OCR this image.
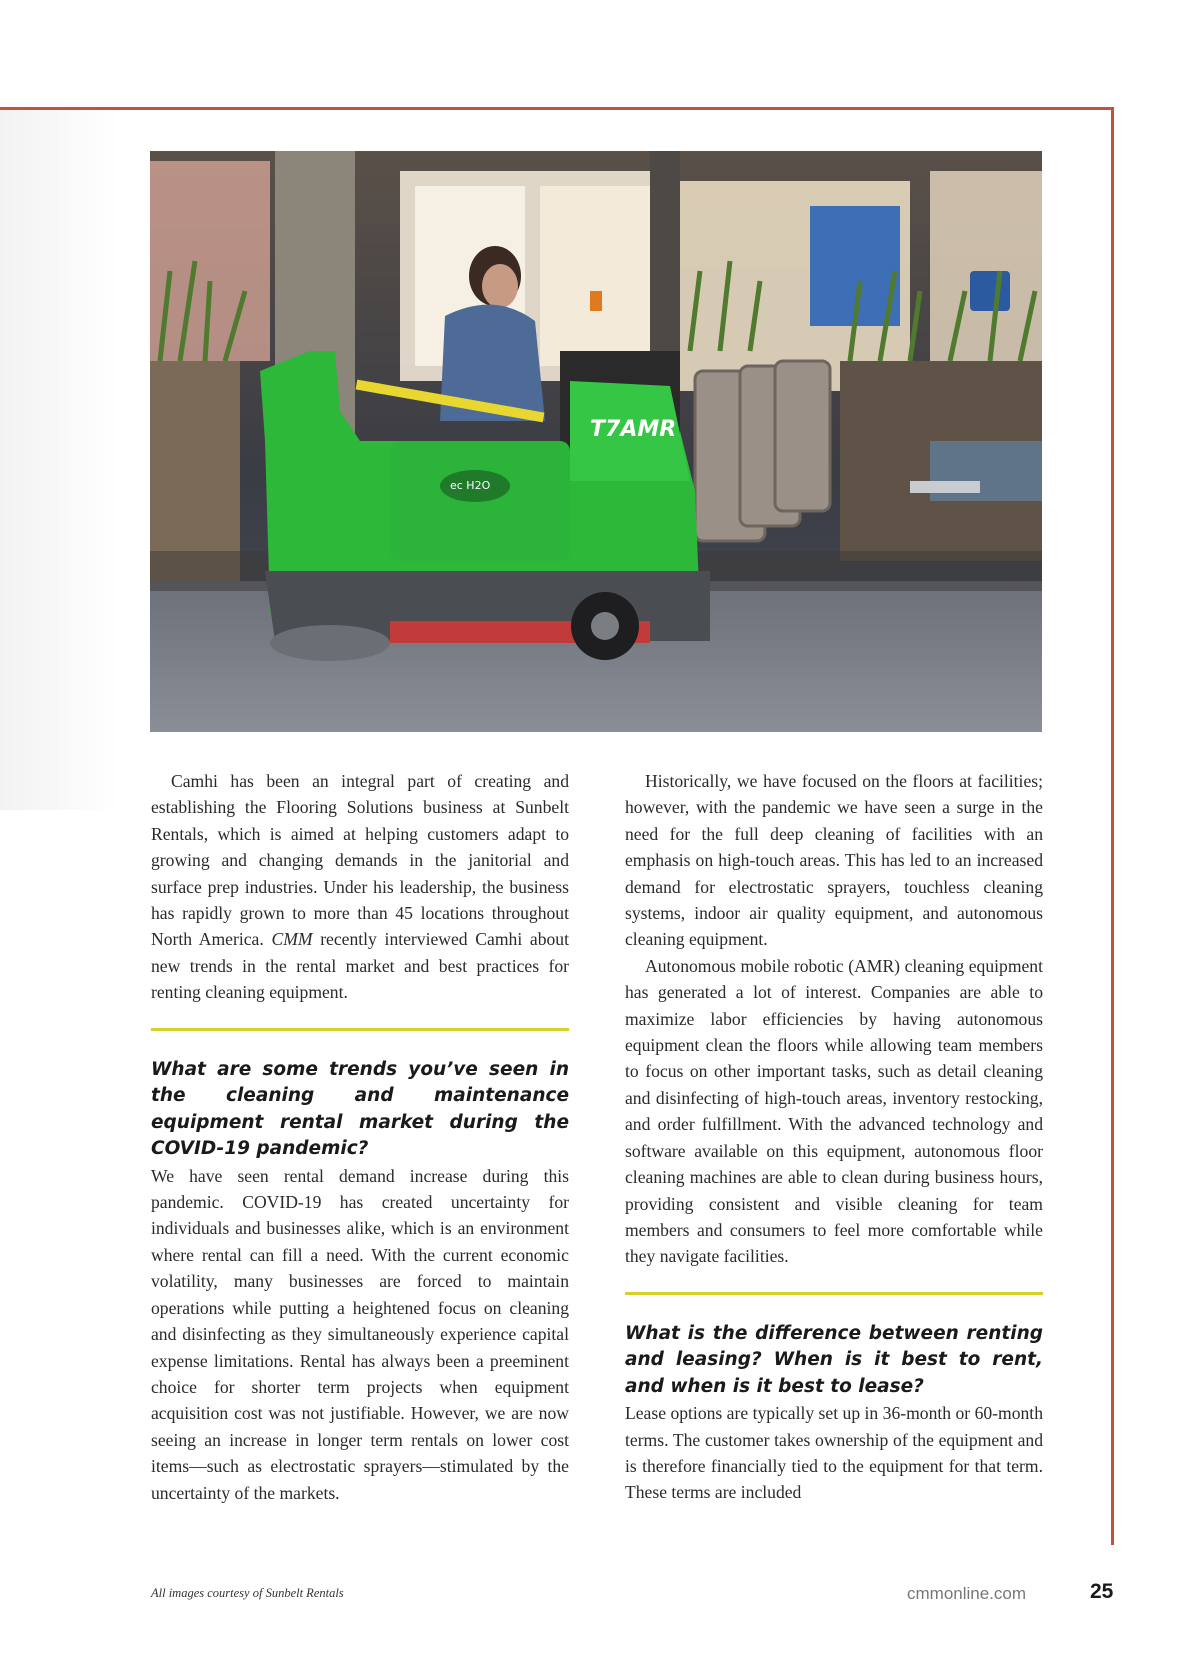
T7AMR
ec H2O

Camhi has been an integral part of creating and establishing the Flooring Solutions business at Sunbelt Rentals, which is aimed at helping customers adapt to growing and changing demands in the janitorial and surface prep industries. Under his leadership, the business has rapidly grown to more than 45 locations throughout North America. CMM recently interviewed Camhi about new trends in the rental market and best practices for renting cleaning equipment.

What are some trends you’ve seen in the cleaning and maintenance equipment rental market during the COVID-19 pandemic?

We have seen rental demand increase during this pandemic. COVID-19 has created uncertainty for individuals and businesses alike, which is an environment where rental can fill a need. With the current economic volatility, many businesses are forced to maintain operations while putting a heightened focus on cleaning and disinfecting as they simultaneously experience capital expense limitations. Rental has always been a preeminent choice for shorter term projects when equipment acquisition cost was not justifiable. However, we are now seeing an increase in longer term rentals on lower cost items—such as electrostatic sprayers—stimulated by the uncertainty of the markets.

Historically, we have focused on the floors at facilities; however, with the pandemic we have seen a surge in the need for the full deep cleaning of facilities with an emphasis on high-touch areas. This has led to an increased demand for electrostatic sprayers, touchless cleaning systems, indoor air quality equipment, and autonomous cleaning equipment.

Autonomous mobile robotic (AMR) cleaning equipment has generated a lot of interest. Companies are able to maximize labor efficiencies by having autonomous equipment clean the floors while allowing team members to focus on other important tasks, such as detail cleaning and disinfecting of high-touch areas, inventory restocking, and order fulfillment. With the advanced technology and software available on this equipment, autonomous floor cleaning machines are able to clean during business hours, providing consistent and visible cleaning for team members and consumers to feel more comfortable while they navigate facilities.

What is the difference between renting and leasing? When is it best to rent, and when is it best to lease?

Lease options are typically set up in 36-month or 60-month terms. The customer takes ownership of the equipment and is therefore financially tied to the equipment for that term. These terms are included

All images courtesy of Sunbelt Rentals	cmmonline.com	25
